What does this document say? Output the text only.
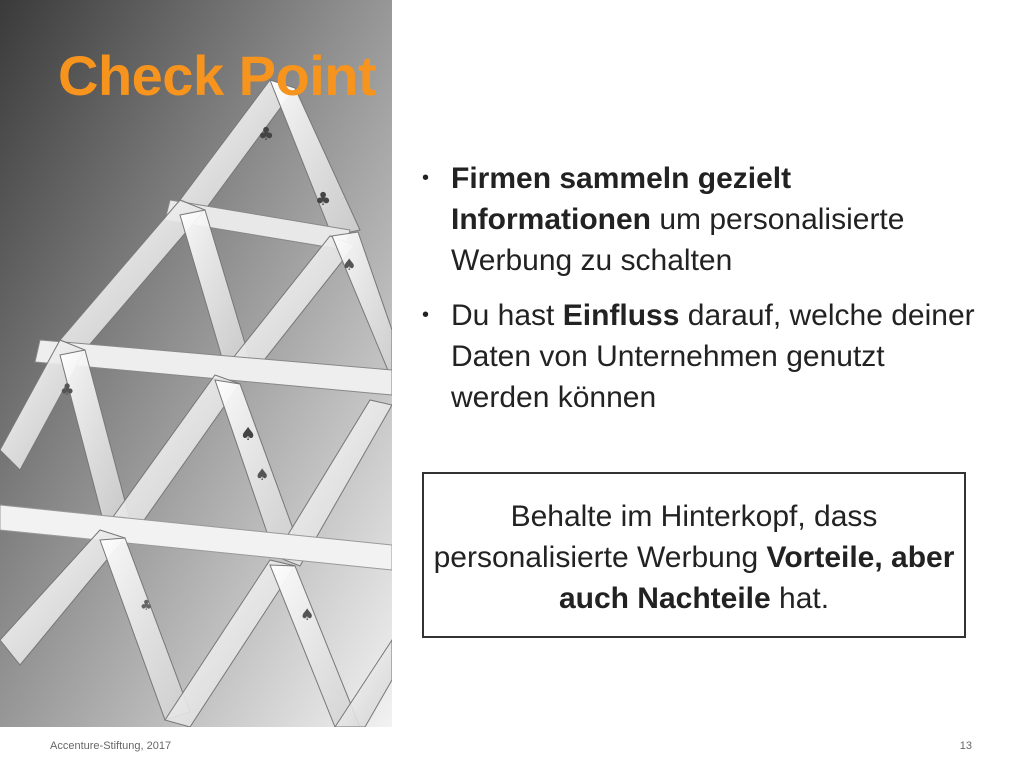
♣
♣
♠
♠
♠
♣
♠
♣
Check Point
• Firmen sammeln gezielt Informationen um personalisierte Werbung zu schalten
• Du hast Einfluss darauf, welche deiner Daten von Unternehmen genutzt werden können
Behalte im Hinterkopf, dass personalisierte Werbung Vorteile, aber auch Nachteile hat.
Accenture-Stiftung, 2017	13
